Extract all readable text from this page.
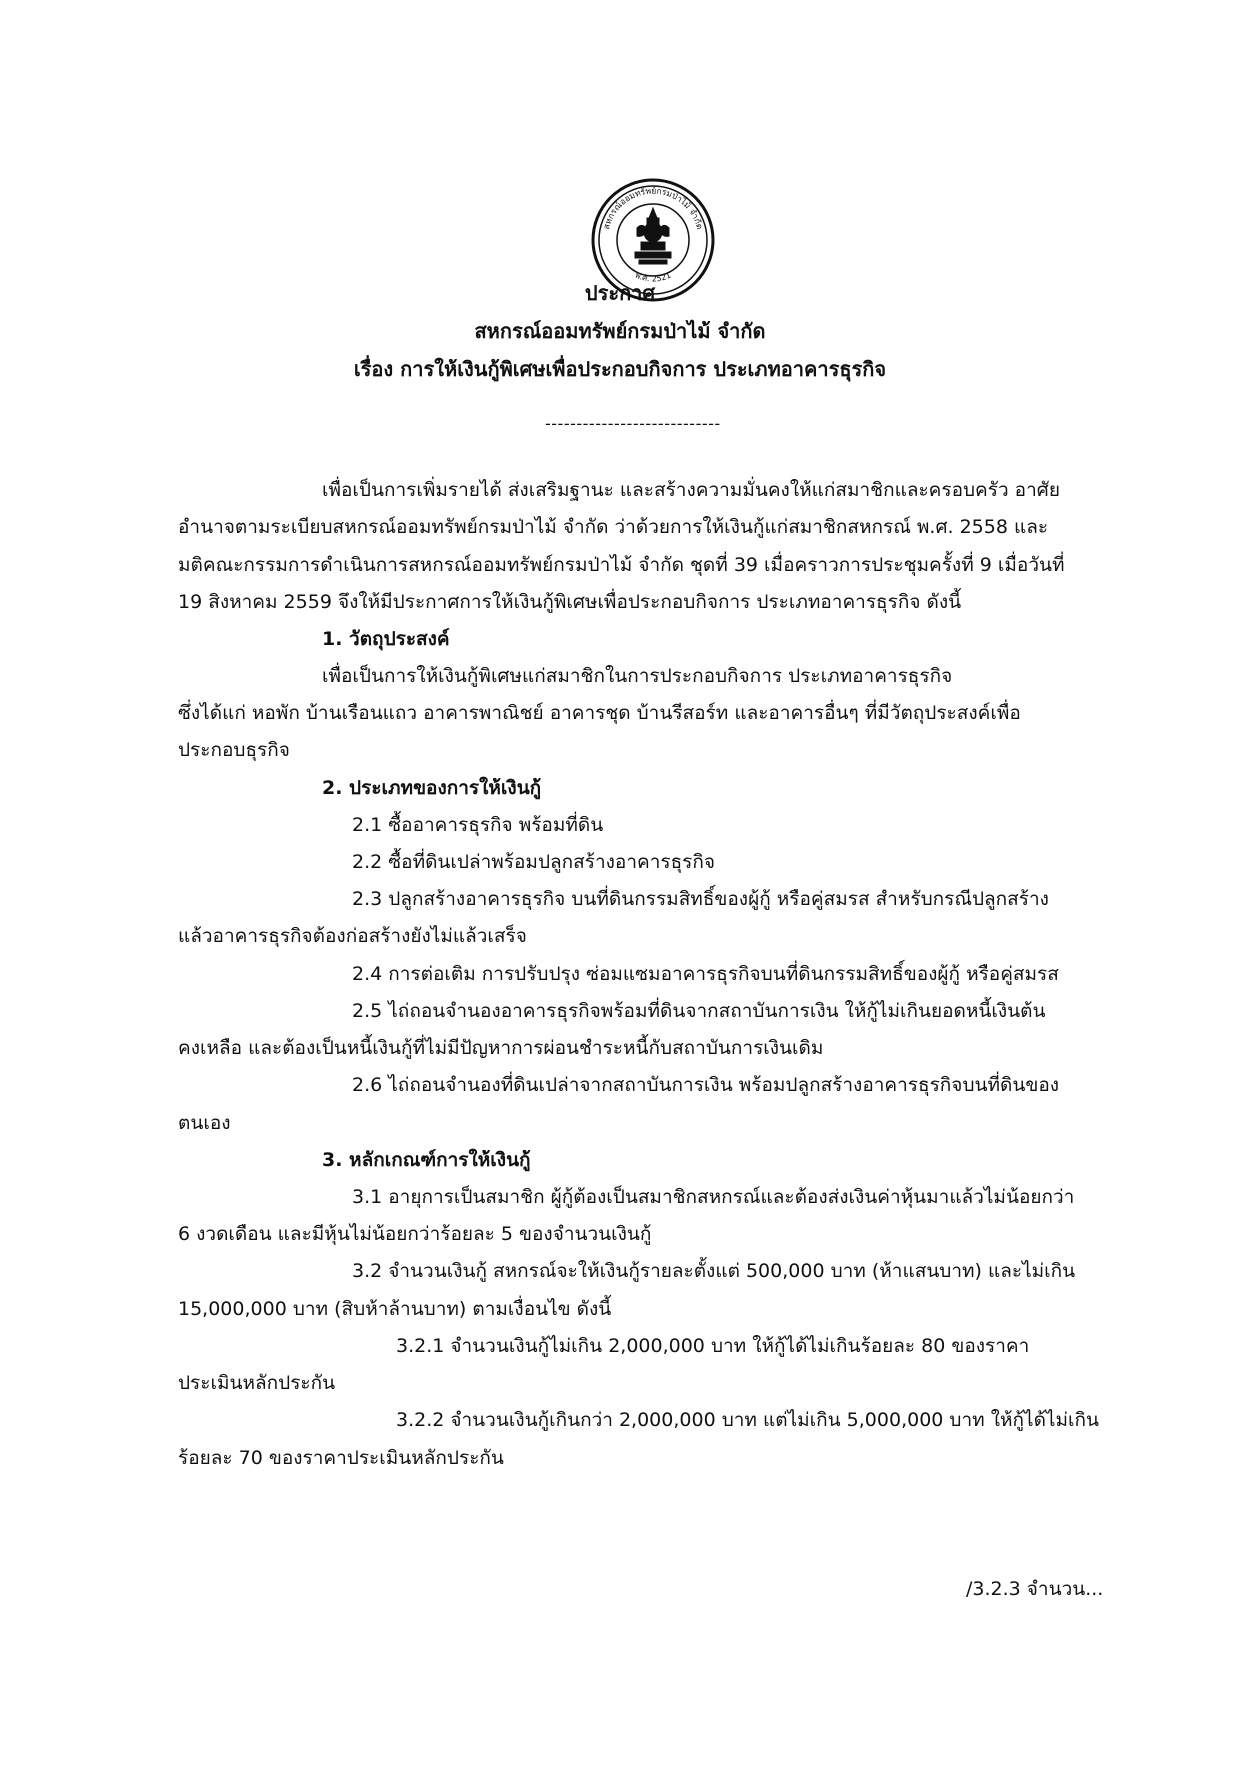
สหกรณ์ออมทรัพย์กรมป่าไม้ จำกัด
พ.ศ. 2521
ประกาศ
สหกรณ์ออมทรัพย์กรมป่าไม้ จำกัด
เรื่อง การให้เงินกู้พิเศษเพื่อประกอบกิจการ ประเภทอาคารธุรกิจ
----------------------------
เพื่อเป็นการเพิ่มรายได้ ส่งเสริมฐานะ และสร้างความมั่นคงให้แก่สมาชิกและครอบครัว อาศัย
อำนาจตามระเบียบสหกรณ์ออมทรัพย์กรมป่าไม้ จำกัด ว่าด้วยการให้เงินกู้แก่สมาชิกสหกรณ์ พ.ศ. 2558 และ
มติคณะกรรมการดำเนินการสหกรณ์ออมทรัพย์กรมป่าไม้ จำกัด ชุดที่ 39 เมื่อคราวการประชุมครั้งที่ 9 เมื่อวันที่
19 สิงหาคม 2559 จึงให้มีประกาศการให้เงินกู้พิเศษเพื่อประกอบกิจการ ประเภทอาคารธุรกิจ ดังนี้
1. วัตถุประสงค์
เพื่อเป็นการให้เงินกู้พิเศษแก่สมาชิกในการประกอบกิจการ ประเภทอาคารธุรกิจ
ซึ่งได้แก่ หอพัก บ้านเรือนแถว อาคารพาณิชย์ อาคารชุด บ้านรีสอร์ท และอาคารอื่นๆ ที่มีวัตถุประสงค์เพื่อ
ประกอบธุรกิจ
2. ประเภทของการให้เงินกู้
2.1 ซื้ออาคารธุรกิจ พร้อมที่ดิน
2.2 ซื้อที่ดินเปล่าพร้อมปลูกสร้างอาคารธุรกิจ
2.3 ปลูกสร้างอาคารธุรกิจ บนที่ดินกรรมสิทธิ์ของผู้กู้ หรือคู่สมรส สำหรับกรณีปลูกสร้าง
แล้วอาคารธุรกิจต้องก่อสร้างยังไม่แล้วเสร็จ
2.4 การต่อเติม การปรับปรุง ซ่อมแซมอาคารธุรกิจบนที่ดินกรรมสิทธิ์ของผู้กู้ หรือคู่สมรส
2.5 ไถ่ถอนจำนองอาคารธุรกิจพร้อมที่ดินจากสถาบันการเงิน ให้กู้ไม่เกินยอดหนี้เงินต้น
คงเหลือ และต้องเป็นหนี้เงินกู้ที่ไม่มีปัญหาการผ่อนชำระหนี้กับสถาบันการเงินเดิม
2.6 ไถ่ถอนจำนองที่ดินเปล่าจากสถาบันการเงิน พร้อมปลูกสร้างอาคารธุรกิจบนที่ดินของ
ตนเอง
3. หลักเกณฑ์การให้เงินกู้
3.1 อายุการเป็นสมาชิก ผู้กู้ต้องเป็นสมาชิกสหกรณ์และต้องส่งเงินค่าหุ้นมาแล้วไม่น้อยกว่า
6 งวดเดือน และมีหุ้นไม่น้อยกว่าร้อยละ 5 ของจำนวนเงินกู้
3.2 จำนวนเงินกู้ สหกรณ์จะให้เงินกู้รายละตั้งแต่ 500,000 บาท (ห้าแสนบาท) และไม่เกิน
15,000,000 บาท (สิบห้าล้านบาท) ตามเงื่อนไข ดังนี้
3.2.1 จำนวนเงินกู้ไม่เกิน 2,000,000 บาท ให้กู้ได้ไม่เกินร้อยละ 80 ของราคา
ประเมินหลักประกัน
3.2.2 จำนวนเงินกู้เกินกว่า 2,000,000 บาท แต่ไม่เกิน 5,000,000 บาท ให้กู้ได้ไม่เกิน
ร้อยละ 70 ของราคาประเมินหลักประกัน
/3.2.3 จำนวน...
